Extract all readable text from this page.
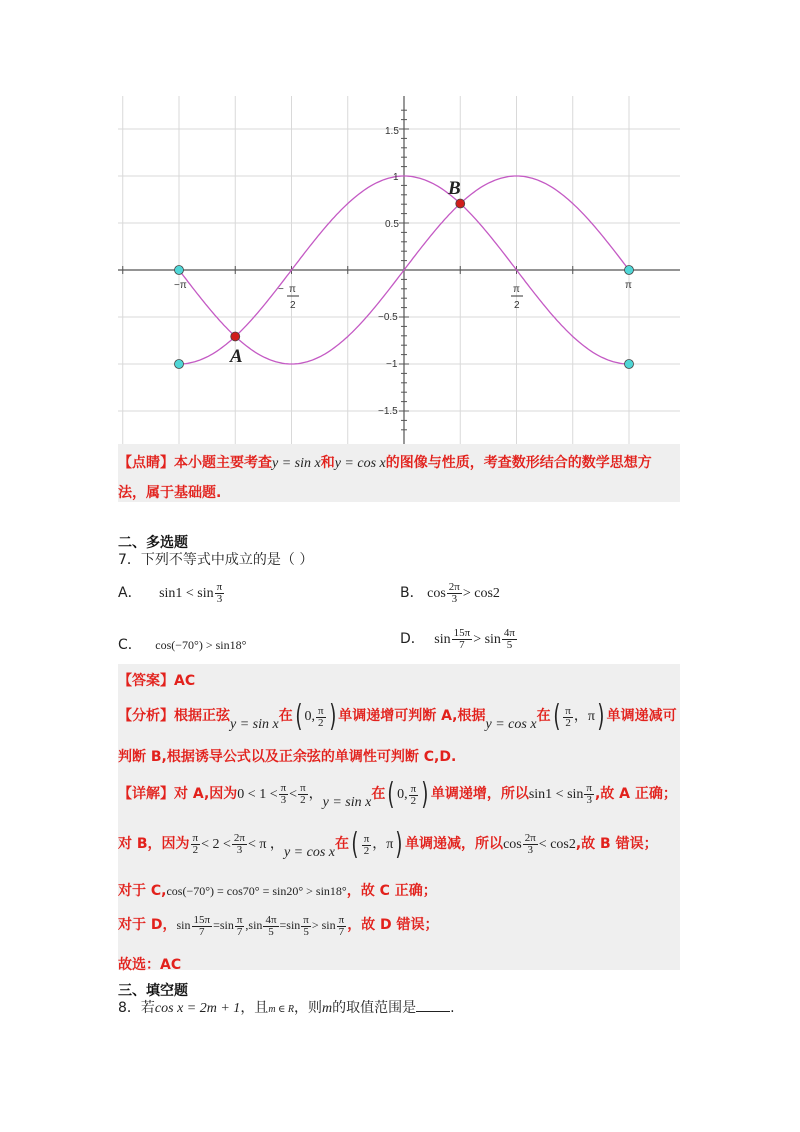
1.5
1
0.5
−0.5
−1
−1.5
−π	π
− π
2
π
2
A
B
【点睛】本小题主要考查y = sin x和y = cos x的图像与性质，考查数形结合的数学思想方
法，属于基础题.
二、多选题
7．下列不等式中成立的是（ ）
A． $\sin 1 < \sin \frac{\pi}{3}$	B． $\cos \frac{2\pi}{3} > \cos 2$
C． cos(−70°) > sin18°	D． $\sin \frac{15\pi}{7} > \sin \frac{4\pi}{5}$
【答案】AC
【分析】根据正弦y = sin x在( 0, $\frac{\pi}{2}$ ) 单调递增可判断 A,根据y = cos x在( $\frac{\pi}{2}$ ，π) 单调递减可
判断 B,根据诱导公式以及正余弦的单调性可判断 C,D.
【详解】对 A,因为$0 < 1 < \frac{\pi}{3} < \frac{\pi}{2}$ ，y = sin x在( 0, $\frac{\pi}{2}$ ) 单调递增，所以$\sin 1 < \sin \frac{\pi}{3}$ ,故 A 正确；
对 B，因为 $\frac{\pi}{2} < 2 < \frac{2\pi}{3} < \pi$ ，y = cos x在( $\frac{\pi}{2}$ ，π) 单调递减，所以$\cos \frac{2\pi}{3} < \cos 2$,故 B 错误；
对于 C,cos(−70°) = cos70° = sin20° > sin18°，故 C 正确；
对于 D，$\sin \frac{15\pi}{7} =\sin \frac{\pi}{7} ,\sin \frac{4\pi}{5} =\sin \frac{\pi}{5} > \sin \frac{\pi}{7}$ ，故 D 错误；
故选：AC
三、填空题
8．若cos x = 2m + 1，且m ∈ R，则m的取值范围是 .
